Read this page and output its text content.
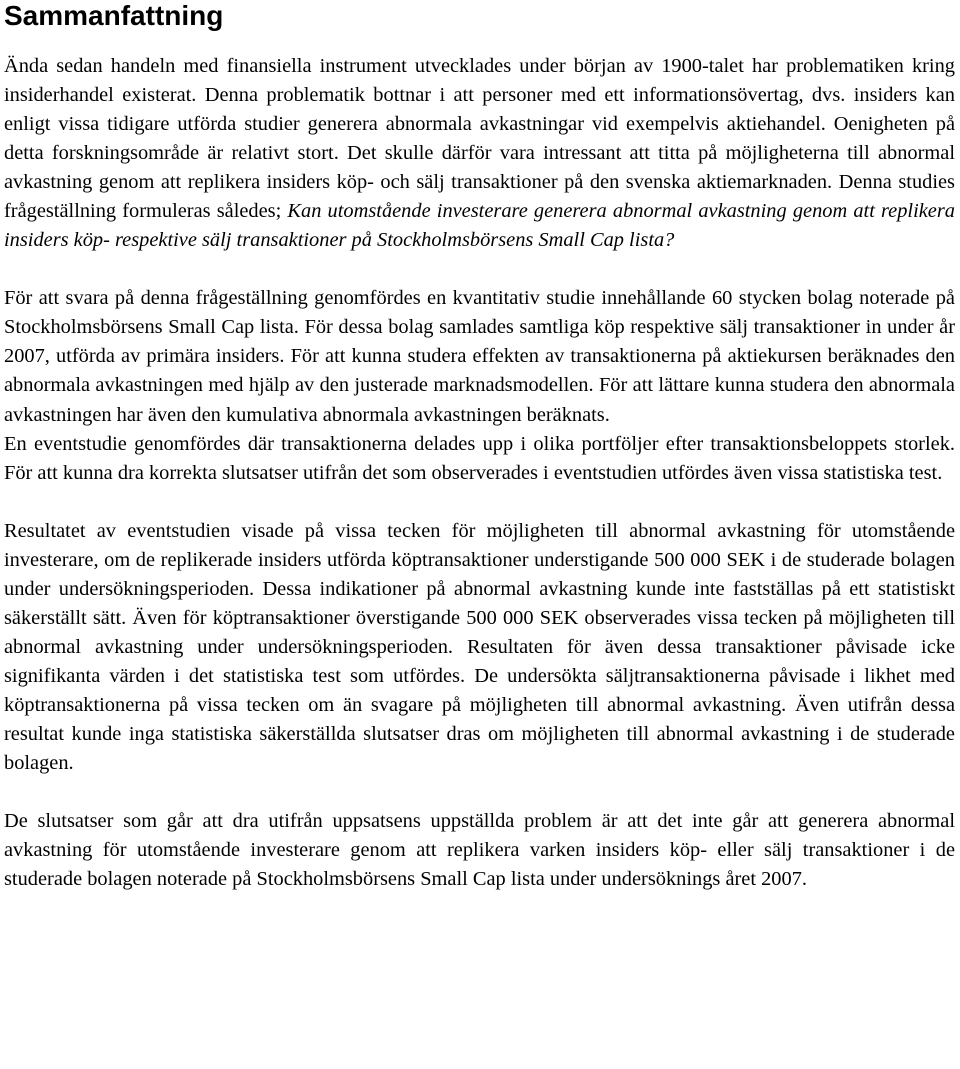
Sammanfattning

Ända sedan handeln med finansiella instrument utvecklades under början av 1900-talet har problematiken kring insiderhandel existerat. Denna problematik bottnar i att personer med ett informationsövertag, dvs. insiders kan enligt vissa tidigare utförda studier generera abnormala avkastningar vid exempelvis aktiehandel. Oenigheten på detta forskningsområde är relativt stort. Det skulle därför vara intressant att titta på möjligheterna till abnormal avkastning genom att replikera insiders köp- och sälj transaktioner på den svenska aktiemarknaden. Denna studies frågeställning formuleras således; Kan utomstående investerare generera abnormal avkastning genom att replikera insiders köp- respektive sälj transaktioner på Stockholmsbörsens Small Cap lista?

För att svara på denna frågeställning genomfördes en kvantitativ studie innehållande 60 stycken bolag noterade på Stockholmsbörsens Small Cap lista. För dessa bolag samlades samtliga köp respektive sälj transaktioner in under år 2007, utförda av primära insiders. För att kunna studera effekten av transaktionerna på aktiekursen beräknades den abnormala avkastningen med hjälp av den justerade marknadsmodellen. För att lättare kunna studera den abnormala avkastningen har även den kumulativa abnormala avkastningen beräknats.

En eventstudie genomfördes där transaktionerna delades upp i olika portföljer efter transaktionsbeloppets storlek. För att kunna dra korrekta slutsatser utifrån det som observerades i eventstudien utfördes även vissa statistiska test.

Resultatet av eventstudien visade på vissa tecken för möjligheten till abnormal avkastning för utomstående investerare, om de replikerade insiders utförda köptransaktioner understigande 500 000 SEK i de studerade bolagen under undersökningsperioden. Dessa indikationer på abnormal avkastning kunde inte fastställas på ett statistiskt säkerställt sätt. Även för köptransaktioner överstigande 500 000 SEK observerades vissa tecken på möjligheten till abnormal avkastning under undersökningsperioden. Resultaten för även dessa transaktioner påvisade icke signifikanta värden i det statistiska test som utfördes. De undersökta säljtransaktionerna påvisade i likhet med köptransaktionerna på vissa tecken om än svagare på möjligheten till abnormal avkastning. Även utifrån dessa resultat kunde inga statistiska säkerställda slutsatser dras om möjligheten till abnormal avkastning i de studerade bolagen.

De slutsatser som går att dra utifrån uppsatsens uppställda problem är att det inte går att generera abnormal avkastning för utomstående investerare genom att replikera varken insiders köp- eller sälj transaktioner i de studerade bolagen noterade på Stockholmsbörsens Small Cap lista under undersöknings året 2007.
